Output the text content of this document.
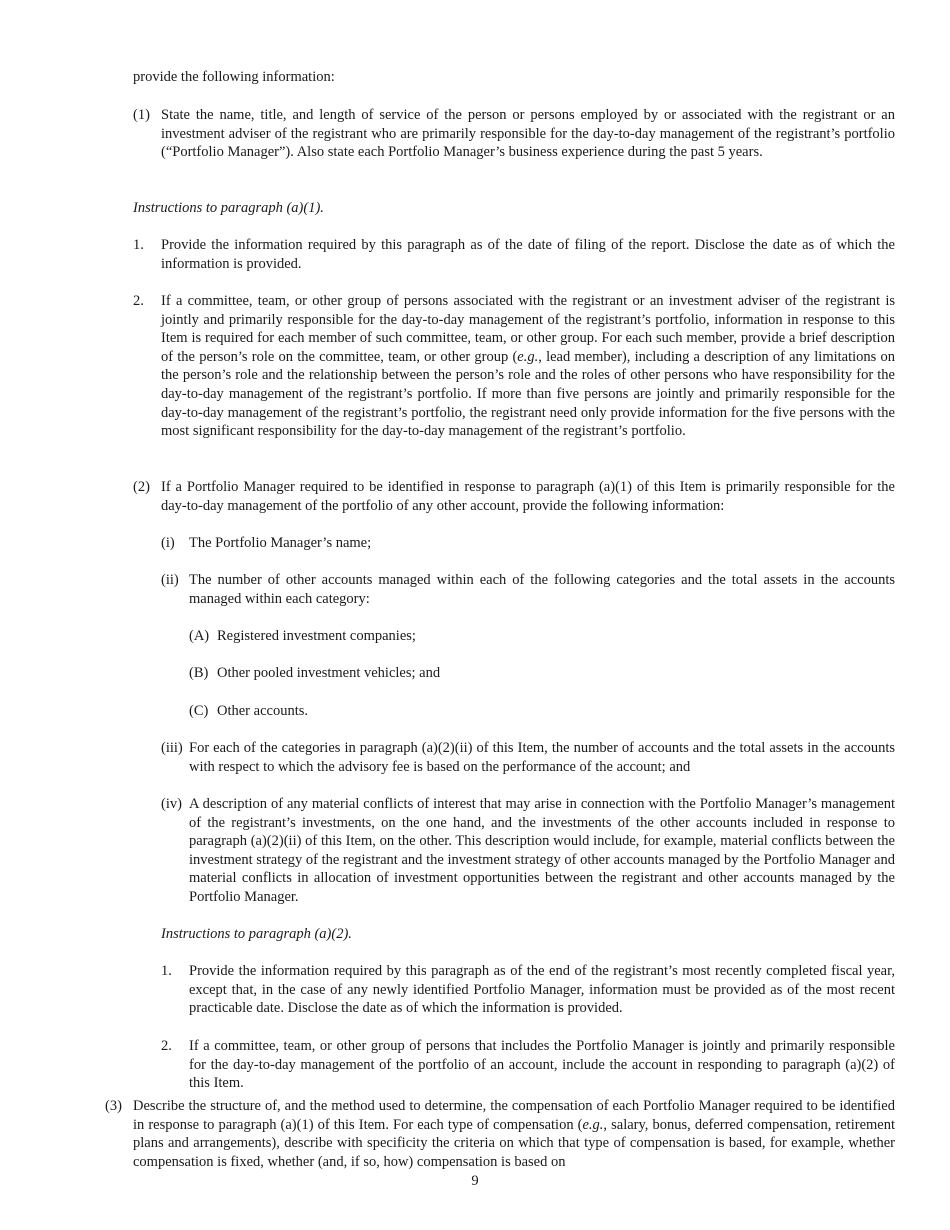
provide the following information:

(1) State the name, title, and length of service of the person or persons employed by or associated with the registrant or an investment adviser of the registrant who are primarily responsible for the day-to-day management of the registrant’s portfolio (“Portfolio Manager”). Also state each Portfolio Manager’s business experience during the past 5 years.

Instructions to paragraph (a)(1).

1.	Provide the information required by this paragraph as of the date of filing of the report. Disclose the date as of which the information is provided.
2.	If a committee, team, or other group of persons associated with the registrant or an investment adviser of the registrant is jointly and primarily responsible for the day-to-day management of the registrant’s portfolio, information in response to this Item is required for each member of such committee, team, or other group. For each such member, provide a brief description of the person’s role on the committee, team, or other group (e.g., lead member), including a description of any limitations on the person’s role and the relationship between the person’s role and the roles of other persons who have responsibility for the day-to-day management of the registrant’s portfolio. If more than five persons are jointly and primarily responsible for the day-to-day management of the registrant’s portfolio, the registrant need only provide information for the five persons with the most significant responsibility for the day-to-day management of the registrant’s portfolio.
(2) If a Portfolio Manager required to be identified in response to paragraph (a)(1) of this Item is primarily responsible for the day-to-day management of the portfolio of any other account, provide the following information:
(i) The Portfolio Manager’s name;
(ii) The number of other accounts managed within each of the following categories and the total assets in the accounts managed within each category:
(A) Registered investment companies;
(B) Other pooled investment vehicles; and
(C) Other accounts.
(iii) For each of the categories in paragraph (a)(2)(ii) of this Item, the number of accounts and the total assets in the accounts with respect to which the advisory fee is based on the performance of the account; and
(iv) A description of any material conflicts of interest that may arise in connection with the Portfolio Manager’s management of the registrant’s investments, on the one hand, and the investments of the other accounts included in response to paragraph (a)(2)(ii) of this Item, on the other. This description would include, for example, material conflicts between the investment strategy of the registrant and the investment strategy of other accounts managed by the Portfolio Manager and material conflicts in allocation of investment opportunities between the registrant and other accounts managed by the Portfolio Manager.

Instructions to paragraph (a)(2).

1.	Provide the information required by this paragraph as of the end of the registrant’s most recently completed fiscal year, except that, in the case of any newly identified Portfolio Manager, information must be provided as of the most recent practicable date. Disclose the date as of which the information is provided.
2.	If a committee, team, or other group of persons that includes the Portfolio Manager is jointly and primarily responsible for the day-to-day management of the portfolio of an account, include the account in responding to paragraph (a)(2) of this Item.
(3) Describe the structure of, and the method used to determine, the compensation of each Portfolio Manager required to be identified in response to paragraph (a)(1) of this Item. For each type of compensation (e.g., salary, bonus, deferred compensation, retirement plans and arrangements), describe with specificity the criteria on which that type of compensation is based, for example, whether compensation is fixed, whether (and, if so, how) compensation is based on
9
